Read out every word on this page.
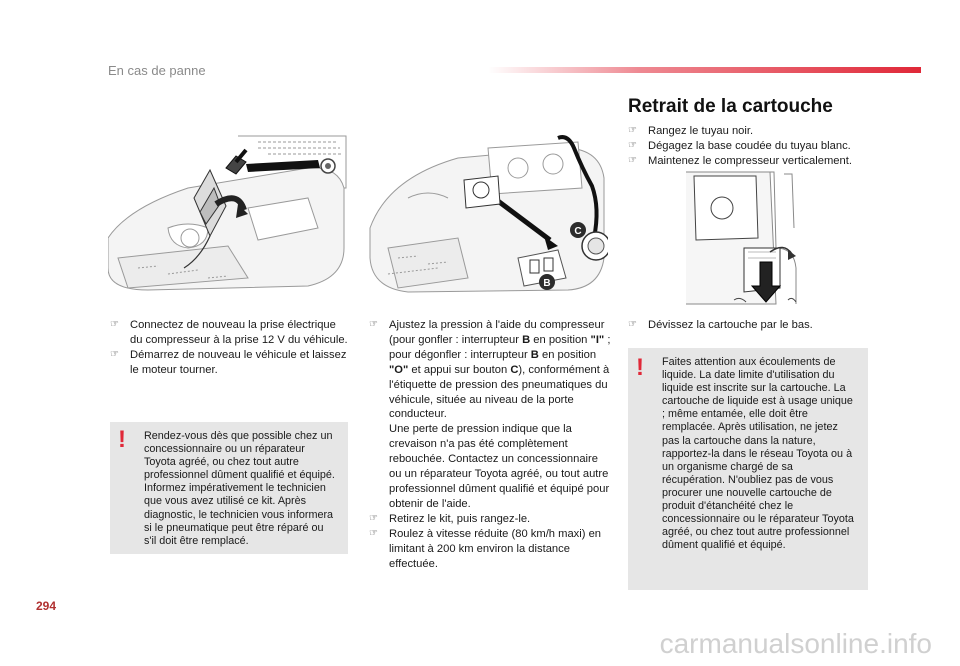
En cas de panne
C
B
Retrait de la cartouche
☞ Rangez le tuyau noir.
☞ Dégagez la base coudée du tuyau blanc.
☞ Maintenez le compresseur verticalement.
☞ Connectez de nouveau la prise électrique du compresseur à la prise 12 V du véhicule.
☞ Démarrez de nouveau le véhicule et laissez le moteur tourner.
! Rendez-vous dès que possible chez un concessionnaire ou un réparateur Toyota agréé, ou chez tout autre professionnel dûment qualifié et équipé. Informez impérativement le technicien que vous avez utilisé ce kit. Après diagnostic, le technicien vous informera si le pneumatique peut être réparé ou s'il doit être remplacé.
☞ Ajustez la pression à l'aide du compresseur (pour gonfler : interrupteur B en position "I" ; pour dégonfler : interrupteur B en position "O" et appui sur bouton C), conformément à l'étiquette de pression des pneumatiques du véhicule, située au niveau de la porte conducteur.
Une perte de pression indique que la crevaison n'a pas été complètement rebouchée. Contactez un concessionnaire ou un réparateur Toyota agréé, ou tout autre professionnel dûment qualifié et équipé pour obtenir de l'aide.
☞ Retirez le kit, puis rangez-le.
☞ Roulez à vitesse réduite (80 km/h maxi) en limitant à 200 km environ la distance effectuée.
☞ Dévissez la cartouche par le bas.
! Faites attention aux écoulements de liquide. La date limite d'utilisation du liquide est inscrite sur la cartouche. La cartouche de liquide est à usage unique ; même entamée, elle doit être remplacée. Après utilisation, ne jetez pas la cartouche dans la nature, rapportez-la dans le réseau Toyota ou à un organisme chargé de sa récupération. N'oubliez pas de vous procurer une nouvelle cartouche de produit d'étanchéité chez le concessionnaire ou le réparateur Toyota agréé, ou chez tout autre professionnel dûment qualifié et équipé.
294
carmanualsonline.info
